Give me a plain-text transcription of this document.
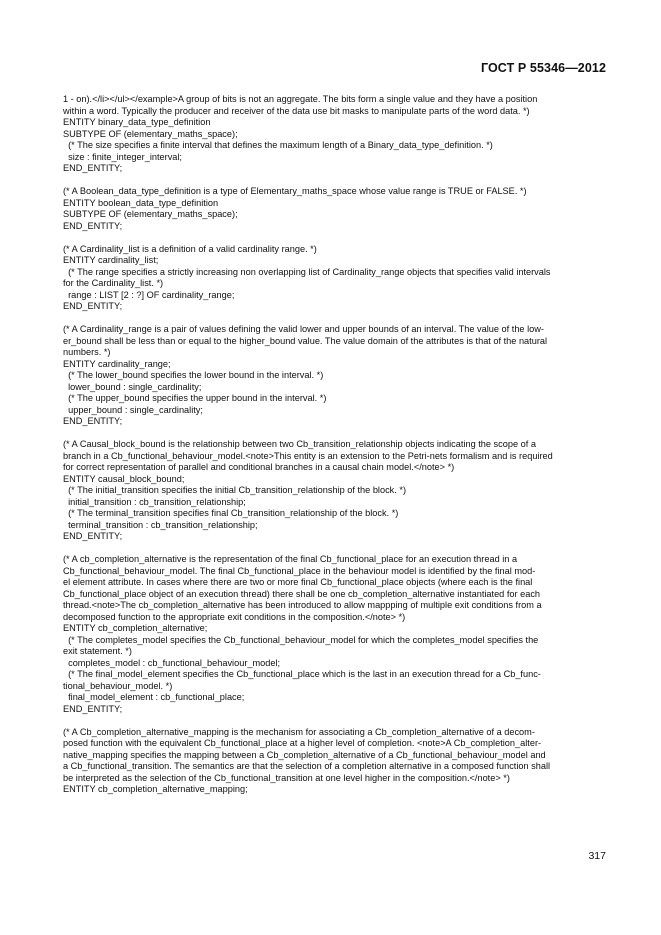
ГОСТ Р 55346—2012
1 - on).</li></ul></example>A group of bits is not an aggregate. The bits form a single value and they have a position
within a word. Typically the producer and receiver of the data use bit masks to manipulate parts of the word data. *)
ENTITY binary_data_type_definition
SUBTYPE OF (elementary_maths_space);
(* The size specifies a finite interval that defines the maximum length of a Binary_data_type_definition. *)
size : finite_integer_interval;
END_ENTITY;
(* A Boolean_data_type_definition is a type of Elementary_maths_space whose value range is TRUE or FALSE. *)
ENTITY boolean_data_type_definition
SUBTYPE OF (elementary_maths_space);
END_ENTITY;
(* A Cardinality_list is a definition of a valid cardinality range. *)
ENTITY cardinality_list;
(* The range specifies a strictly increasing non overlapping list of Cardinality_range objects that specifies valid intervals
for the Cardinality_list. *)
range : LIST [2 : ?] OF cardinality_range;
END_ENTITY;
(* A Cardinality_range is a pair of values defining the valid lower and upper bounds of an interval. The value of the low-
er_bound shall be less than or equal to the higher_bound value. The value domain of the attributes is that of the natural
numbers. *)
ENTITY cardinality_range;
(* The lower_bound specifies the lower bound in the interval. *)
lower_bound : single_cardinality;
(* The upper_bound specifies the upper bound in the interval. *)
upper_bound : single_cardinality;
END_ENTITY;
(* A Causal_block_bound is the relationship between two Cb_transition_relationship objects indicating the scope of a
branch in a Cb_functional_behaviour_model.<note>This entity is an extension to the Petri-nets formalism and is required
for correct representation of parallel and conditional branches in a causal chain model.</note> *)
ENTITY causal_block_bound;
(* The initial_transition specifies the initial Cb_transition_relationship of the block. *)
initial_transition : cb_transition_relationship;
(* The terminal_transition specifies final Cb_transition_relationship of the block. *)
terminal_transition : cb_transition_relationship;
END_ENTITY;
(* A cb_completion_alternative is the representation of the final Cb_functional_place for an execution thread in a
Cb_functional_behaviour_model. The final Cb_functional_place in the behaviour model is identified by the final mod-
el element attribute. In cases where there are two or more final Cb_functional_place objects (where each is the final
Cb_functional_place object of an execution thread) there shall be one cb_completion_alternative instantiated for each
thread.<note>The cb_completion_alternative has been introduced to allow mappping of multiple exit conditions from a
decomposed function to the appropriate exit conditions in the composition.</note> *)
ENTITY cb_completion_alternative;
(* The completes_model specifies the Cb_functional_behaviour_model for which the completes_model specifies the
exit statement. *)
completes_model : cb_functional_behaviour_model;
(* The final_model_element specifies the Cb_functional_place which is the last in an execution thread for a Cb_func-
tional_behaviour_model. *)
final_model_element : cb_functional_place;
END_ENTITY;
(* A Cb_completion_alternative_mapping is the mechanism for associating a Cb_completion_alternative of a decom-
posed function with the equivalent Cb_functional_place at a higher level of completion. <note>A Cb_completion_alter-
native_mapping specifies the mapping between a Cb_completion_alternative of a Cb_functional_behaviour_model and
a Cb_functional_transition. The semantics are that the selection of a completion alternative in a composed function shall
be interpreted as the selection of the Cb_functional_transition at one level higher in the composition.</note> *)
ENTITY cb_completion_alternative_mapping;
317
